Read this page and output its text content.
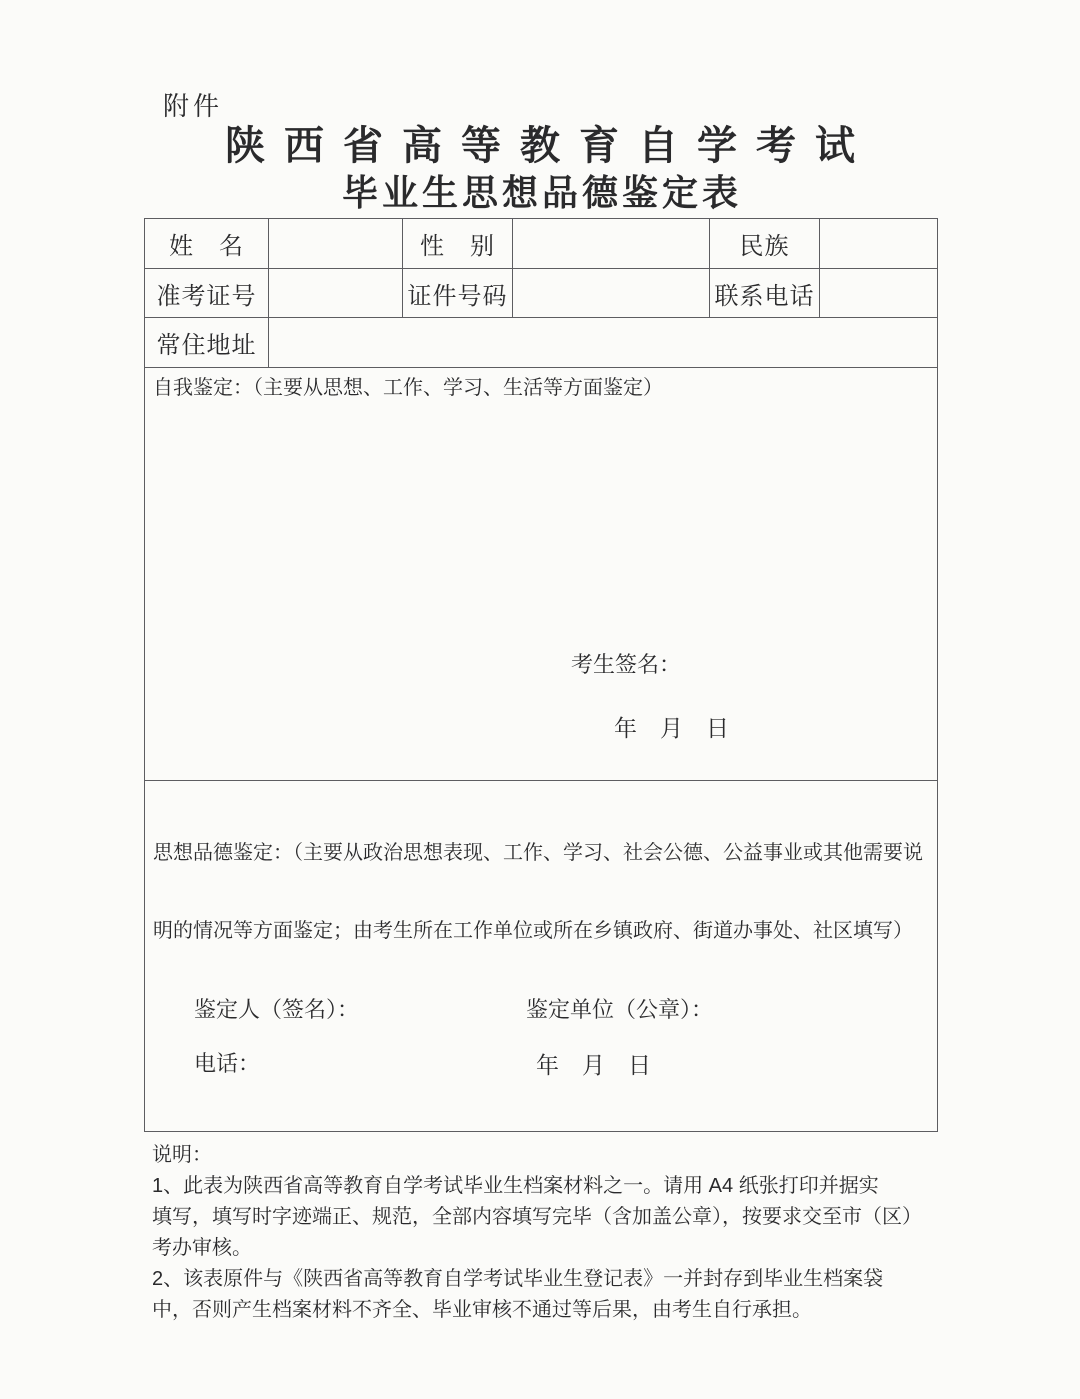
附件
陕西省高等教育自学考试
毕业生思想品德鉴定表
姓　名		性　别		民族	
准考证号		证件号码		联系电话	
常住地址					

自我鉴定：（主要从思想、工作、学习、生活等方面鉴定）
考生签名：
年　月　日					

思想品德鉴定：（主要从政治思想表现、工作、学习、社会公德、公益事业或其他需要说

明的情况等方面鉴定；由考生所在工作单位或所在乡镇政府、街道办事处、社区填写）

鉴定人（签名）：	鉴定单位（公章）：
电话：	年　月　日
说明：
1、此表为陕西省高等教育自学考试毕业生档案材料之一。请用 A4 纸张打印并据实
填写，填写时字迹端正、规范，全部内容填写完毕（含加盖公章），按要求交至市（区）
考办审核。
2、该表原件与《陕西省高等教育自学考试毕业生登记表》一并封存到毕业生档案袋
中，否则产生档案材料不齐全、毕业审核不通过等后果，由考生自行承担。
